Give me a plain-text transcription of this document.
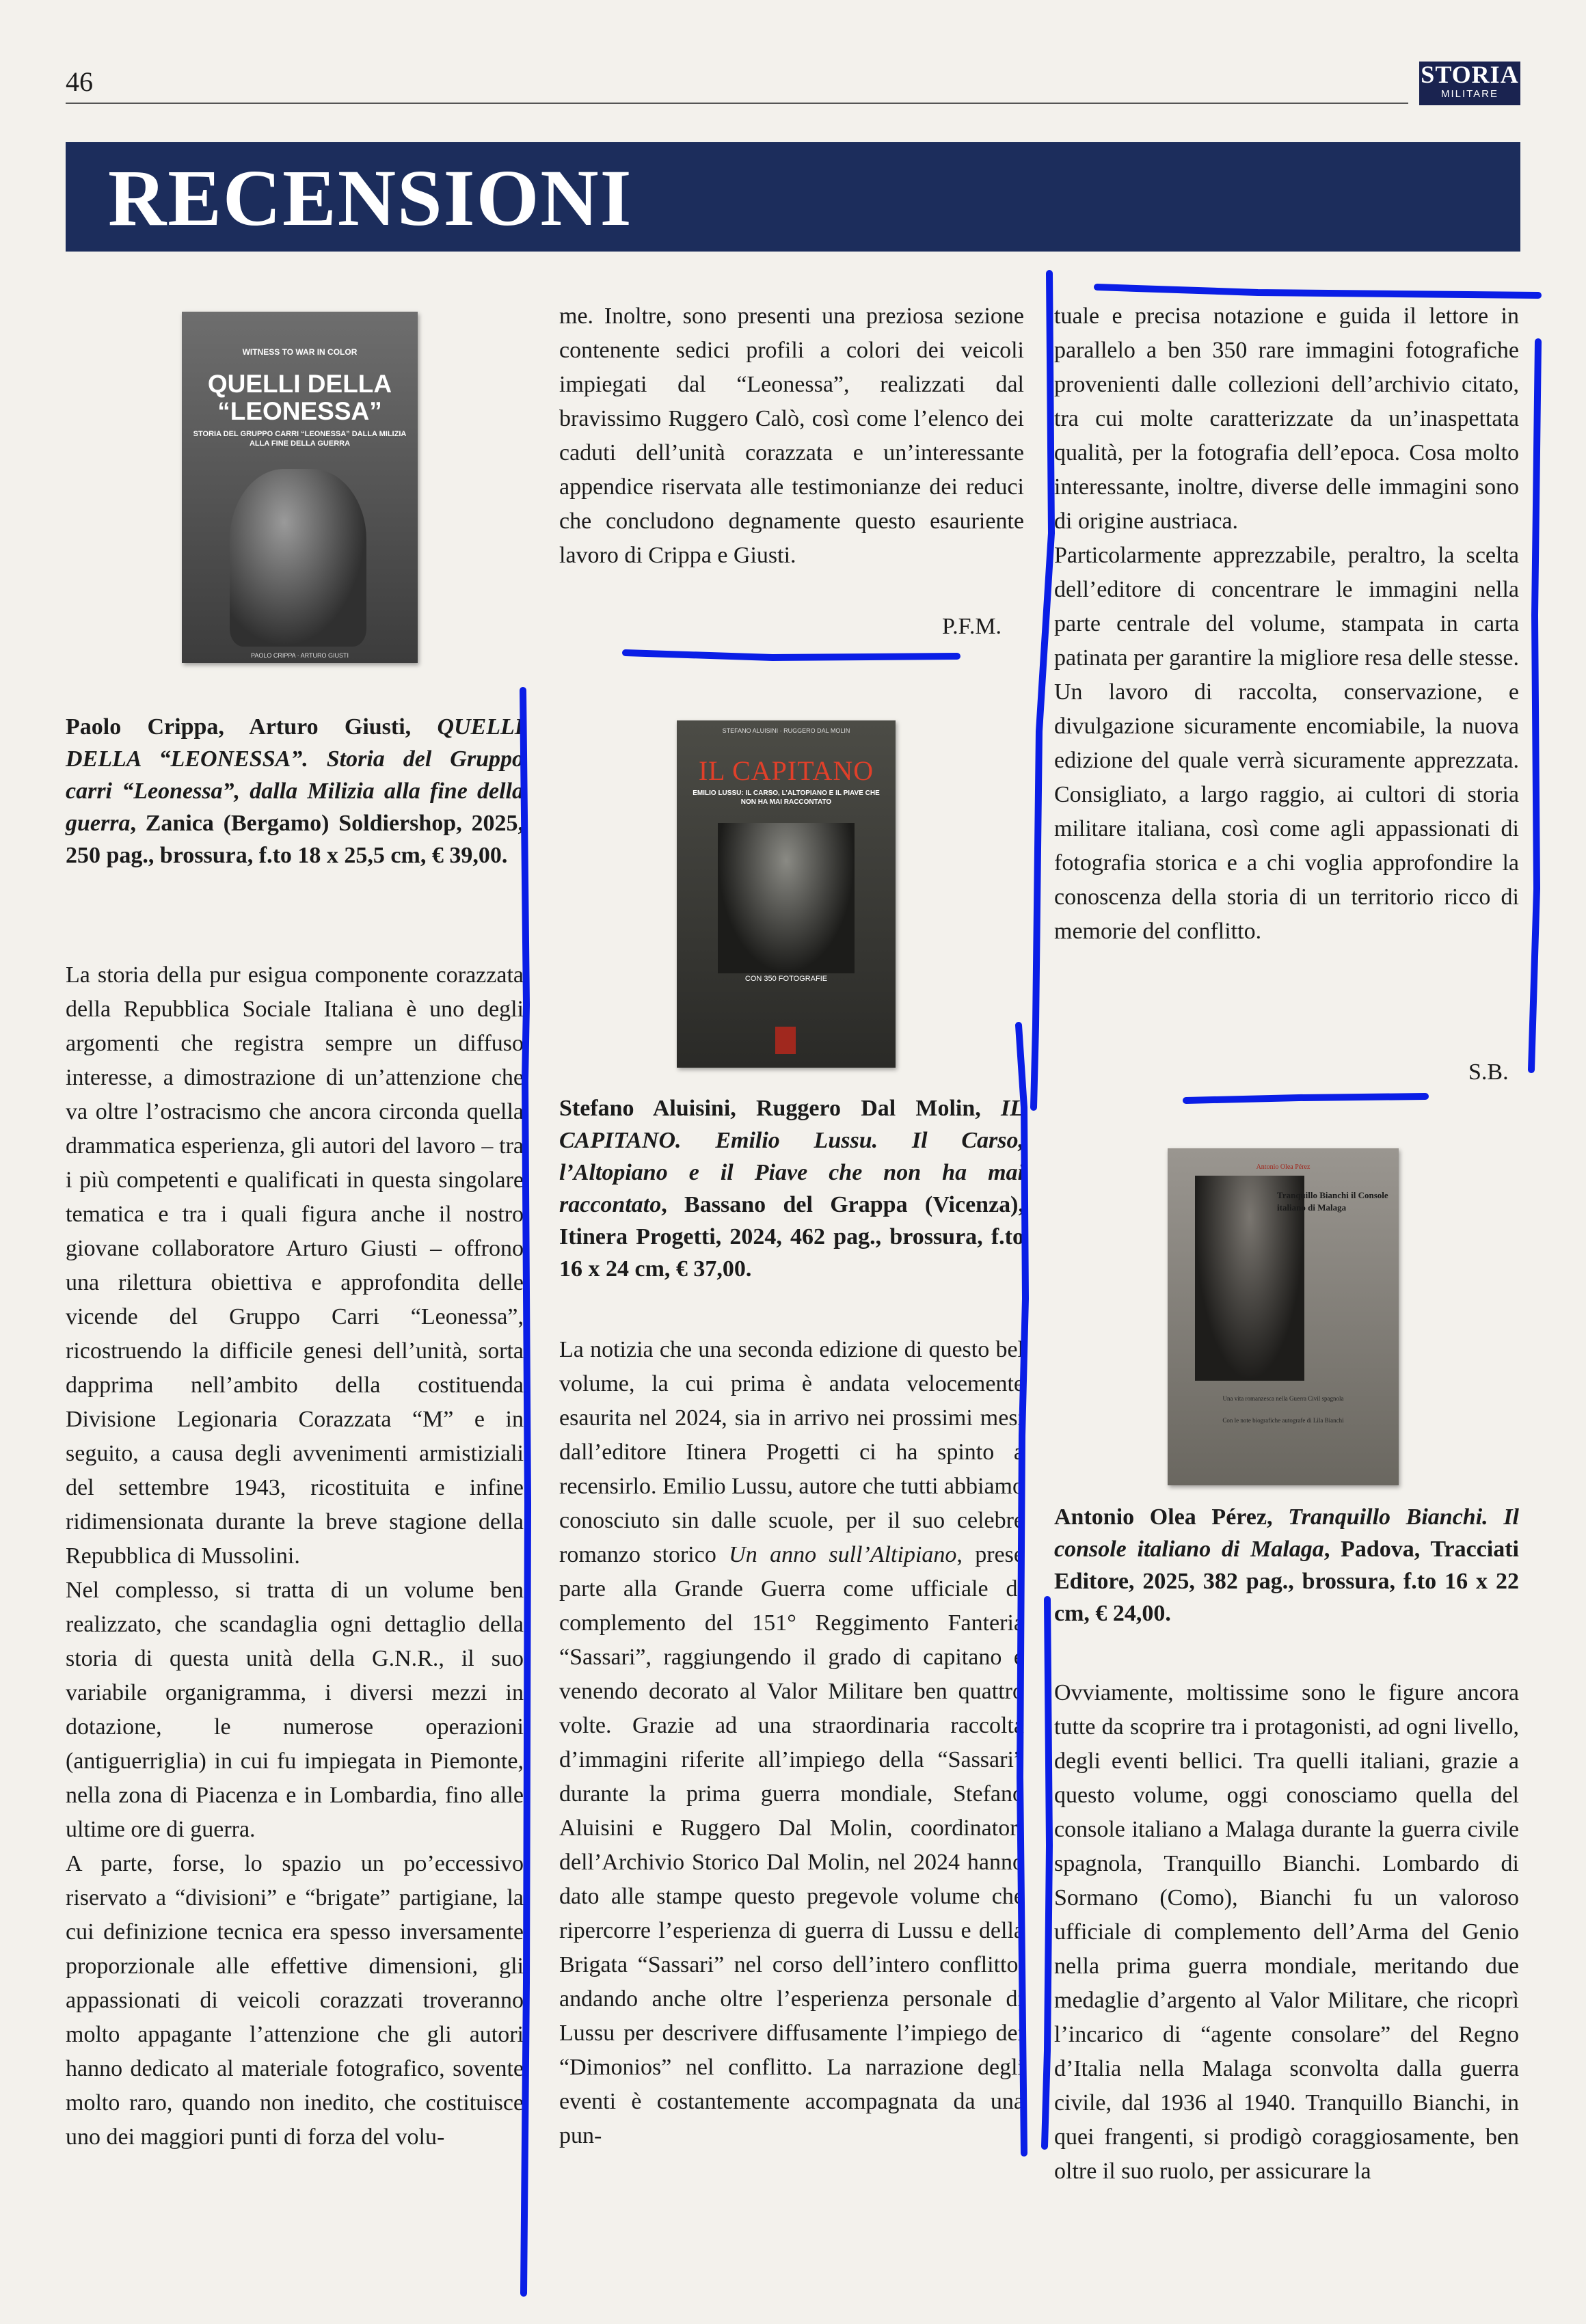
46	STORIA
MILITARE
RECENSIONI
WITNESS TO WAR IN COLOR
QUELLI DELLA “LEONESSA”
STORIA DEL GRUPPO CARRI “LEONESSA” DALLA MILIZIA ALLA FINE DELLA GUERRA
PAOLO CRIPPA · ARTURO GIUSTI
STEFANO ALUISINI · RUGGERO DAL MOLIN
IL CAPITANO
EMILIO LUSSU: IL CARSO, L’ALTOPIANO E IL PIAVE CHE NON HA MAI RACCONTATO
CON 350 FOTOGRAFIE
Antonio Olea Pérez
Tranquillo Bianchi il Console italiano di Malaga
Una vita romanzesca nella Guerra Civil spagnola
Con le note biografiche autografe di Lila Bianchi

Paolo Crippa, Arturo Giusti, QUELLI DELLA “LEONESSA”. Storia del Gruppo carri “Leonessa”, dalla Milizia alla fine della guerra, Zanica (Bergamo) Soldiershop, 2025, 250 pag., brossura, f.to 18 x 25,5 cm, € 39,00.

La storia della pur esigua componente corazzata della Repubblica Sociale Italiana è uno degli argomenti che registra sempre un diffuso interesse, a dimostrazione di un’attenzione che va oltre l’ostracismo che ancora circonda quella drammatica esperienza, gli autori del lavoro – tra i più competenti e qualificati in questa singolare tematica e tra i quali figura anche il nostro giovane collaboratore Arturo Giusti – offrono una rilettura obiettiva e approfondita delle vicende del Gruppo Carri “Leonessa”, ricostruendo la difficile genesi dell’unità, sorta dapprima nell’ambito della costituenda Divisione Legionaria Corazzata “M” e in seguito, a causa degli avvenimenti armistiziali del settembre 1943, ricostituita e infine ridimensionata durante la breve stagione della Repubblica di Mussolini.

Nel complesso, si tratta di un volume ben realizzato, che scandaglia ogni dettaglio della storia di questa unità della G.N.R., il suo variabile organigramma, i diversi mezzi in dotazione, le numerose operazioni (antiguerriglia) in cui fu impiegata in Piemonte, nella zona di Piacenza e in Lombardia, fino alle ultime ore di guerra.

A parte, forse, lo spazio un po’eccessivo riservato a “divisioni” e “brigate” partigiane, la cui definizione tecnica era spesso inversamente proporzionale alle effettive dimensioni, gli appassionati di veicoli corazzati troveranno molto appagante l’attenzione che gli autori hanno dedicato al materiale fotografico, sovente molto raro, quando non inedito, che costituisce uno dei maggiori punti di forza del volu-

me. Inoltre, sono presenti una preziosa sezione contenente sedici profili a colori dei veicoli impiegati dal “Leonessa”, realizzati dal bravissimo Ruggero Calò, così come l’elenco dei caduti dell’unità corazzata e un’interessante appendice riservata alle testimonianze dei reduci che concludono degnamente questo esauriente lavoro di Crippa e Giusti.

P.F.M.

Stefano Aluisini, Ruggero Dal Molin, IL CAPITANO. Emilio Lussu. Il Carso, l’Altopiano e il Piave che non ha mai raccontato, Bassano del Grappa (Vicenza), Itinera Progetti, 2024, 462 pag., brossura, f.to 16 x 24 cm, € 37,00.

La notizia che una seconda edizione di questo bel volume, la cui prima è andata velocemente esaurita nel 2024, sia in arrivo nei prossimi mesi dall’editore Itinera Progetti ci ha spinto a recensirlo. Emilio Lussu, autore che tutti abbiamo conosciuto sin dalle scuole, per il suo celebre romanzo storico Un anno sull’Altipiano, prese parte alla Grande Guerra come ufficiale di complemento del 151° Reggimento Fanteria “Sassari”, raggiungendo il grado di capitano e venendo decorato al Valor Militare ben quattro volte. Grazie ad una straordinaria raccolta d’immagini riferite all’impiego della “Sassari” durante la prima guerra mondiale, Stefano Aluisini e Ruggero Dal Molin, coordinatori dell’Archivio Storico Dal Molin, nel 2024 hanno dato alle stampe questo pregevole volume che ripercorre l’esperienza di guerra di Lussu e della Brigata “Sassari” nel corso dell’intero conflitto, andando anche oltre l’esperienza personale di Lussu per descrivere diffusamente l’impiego dei “Dimonios” nel conflitto. La narrazione degli eventi è costantemente accompagnata da una pun-

tuale e precisa notazione e guida il lettore in parallelo a ben 350 rare immagini fotografiche provenienti dalle collezioni dell’archivio citato, tra cui molte caratterizzate da un’inaspettata qualità, per la fotografia dell’epoca. Cosa molto interessante, inoltre, diverse delle immagini sono di origine austriaca.

Particolarmente apprezzabile, peraltro, la scelta dell’editore di concentrare le immagini nella parte centrale del volume, stampata in carta patinata per garantire la migliore resa delle stesse. Un lavoro di raccolta, conservazione, e divulgazione sicuramente encomiabile, la nuova edizione del quale verrà sicuramente apprezzata. Consigliato, a largo raggio, ai cultori di storia militare italiana, così come agli appassionati di fotografia storica e a chi voglia approfondire la conoscenza della storia di un territorio ricco di memorie del conflitto.

S.B.

Antonio Olea Pérez, Tranquillo Bianchi. Il console italiano di Malaga, Padova, Tracciati Editore, 2025, 382 pag., brossura, f.to 16 x 22 cm, € 24,00.

Ovviamente, moltissime sono le figure ancora tutte da scoprire tra i protagonisti, ad ogni livello, degli eventi bellici. Tra quelli italiani, grazie a questo volume, oggi conosciamo quella del console italiano a Malaga durante la guerra civile spagnola, Tranquillo Bianchi. Lombardo di Sormano (Como), Bianchi fu un valoroso ufficiale di complemento dell’Arma del Genio nella prima guerra mondiale, meritando due medaglie d’argento al Valor Militare, che ricoprì l’incarico di “agente consolare” del Regno d’Italia nella Malaga sconvolta dalla guerra civile, dal 1936 al 1940. Tranquillo Bianchi, in quei frangenti, si prodigò coraggiosamente, ben oltre il suo ruolo, per assicurare la
